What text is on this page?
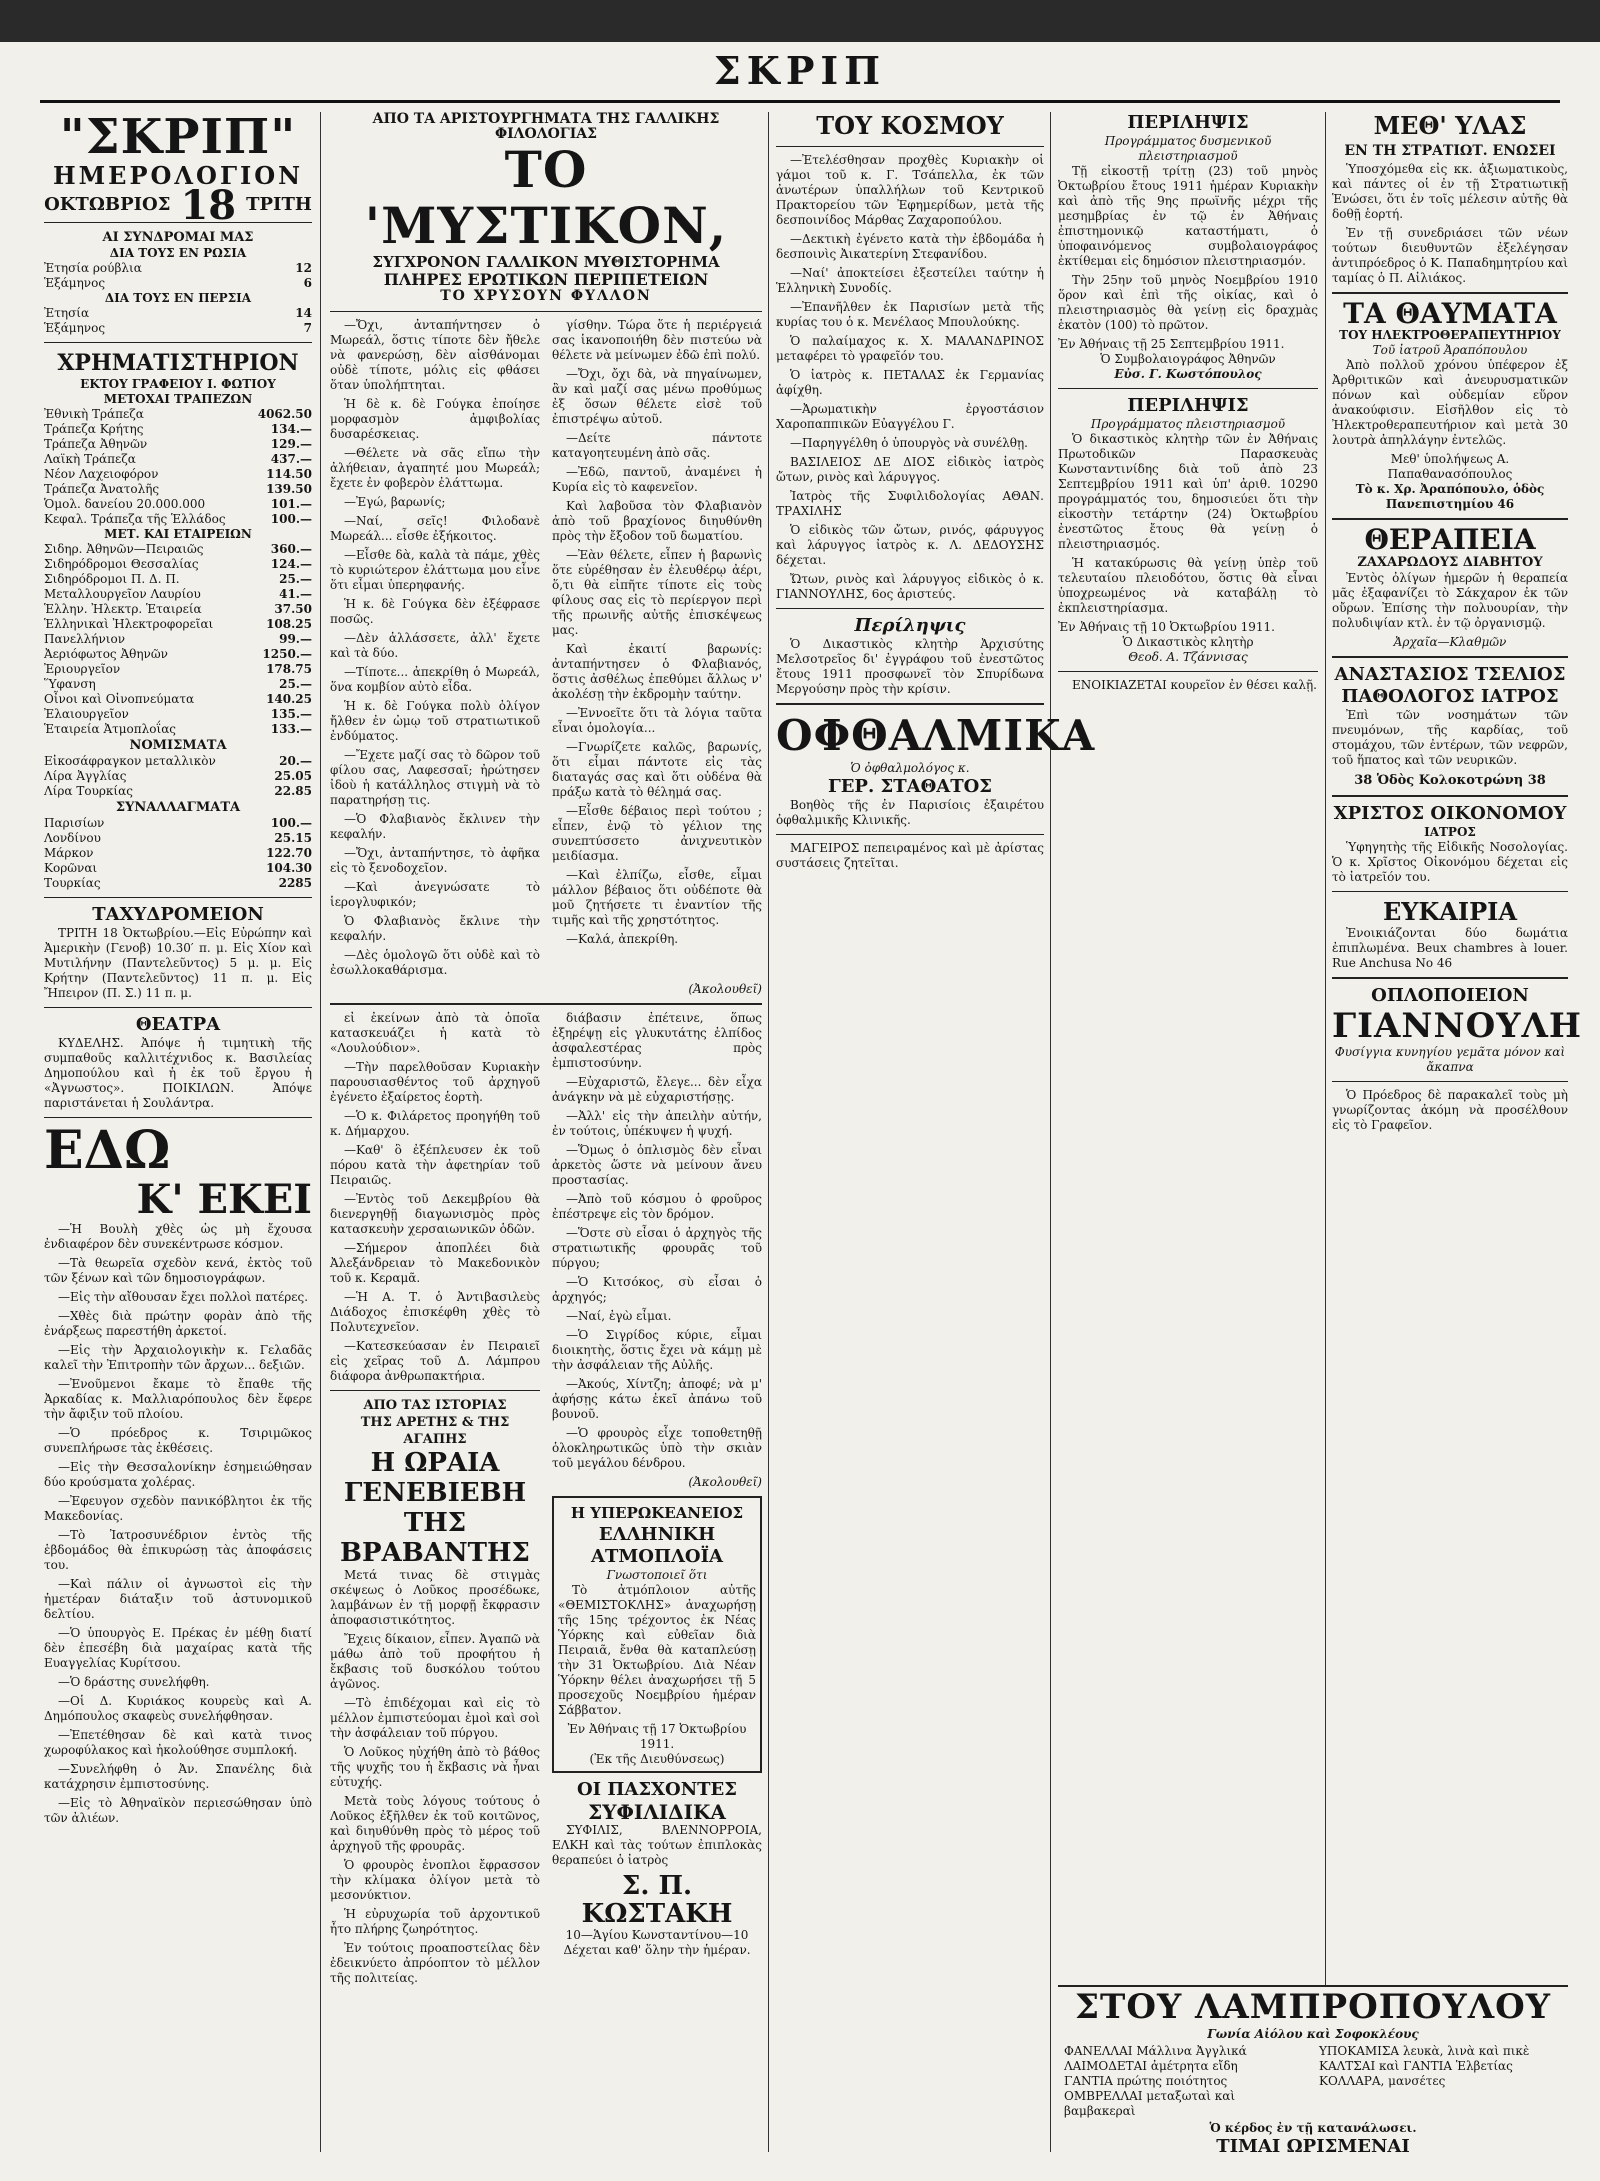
ΣΚΡΙΠ
"ΣΚΡΙΠ"
ΗΜΕΡΟΛΟΓΙΟΝ
ΟΚΤΩΒΡΙΟΣ 18 ΤΡΙΤΗ
ΑΙ ΣΥΝΔΡΟΜΑΙ ΜΑΣ
ΔΙΑ ΤΟΥΣ ΕΝ ΡΩΣΙΑ
Ἐτησία ρούβλια	12
Ἑξάμηνος	6
ΔΙΑ ΤΟΥΣ ΕΝ ΠΕΡΣΙΑ
Ἐτησία	14
Ἑξάμηνος	7
ΧΡΗΜΑΤΙΣΤΗΡΙΟΝ
ΕΚΤΟΥ ΓΡΑΦΕΙΟΥ Ι. ΦΩΤΙΟΥ
ΜΕΤΟΧΑΙ ΤΡΑΠΕΖΩΝ
Ἐθνικὴ Τράπεζα	4062.50
Τράπεζα Κρήτης	134.—
Τράπεζα Ἀθηνῶν	129.—
Λαϊκὴ Τράπεζα	437.—
Νέον Λαχειοφόρον	114.50
Τράπεζα Ἀνατολῆς	139.50
Ὁμολ. δανείου 20.000.000	101.—
Κεφαλ. Τράπεζα τῆς Ἑλλάδος	100.—
ΜΕΤ. ΚΑΙ ΕΤΑΙΡΕΙΩΝ
Σιδηρ. Ἀθηνῶν—Πειραιῶς	360.—
Σιδηρόδρομοι Θεσσαλίας	124.—
Σιδηρόδρομοι Π. Δ. Π.	25.—
Μεταλλουργεῖον Λαυρίου	41.—
Ἑλλην. Ἠλεκτρ. Ἑταιρεία	37.50
Ἑλληνικαὶ Ἠλεκτροφορεῖαι	108.25
Πανελλήνιον	99.—
Ἀεριόφωτος Ἀθηνῶν	1250.—
Ἐριουργεῖον	178.75
Ὕφανση	25.—
Οἶνοι καὶ Οἰνοπνεύματα	140.25
Ἐλαιουργεῖον	135.—
Ἑταιρεία Ἀτμοπλοΐας	133.—
ΝΟΜΙΣΜΑΤΑ
Εἰκοσάφραγκον μεταλλικὸν	20.—
Λίρα Ἀγγλίας	25.05
Λίρα Τουρκίας	22.85
ΣΥΝΑΛΛΑΓΜΑΤΑ
Παρισίων	100.—
Λονδίνου	25.15
Μάρκον	122.70
Κορῶναι	104.30
Τουρκίας	2285
ΤΑΧΥΔΡΟΜΕΙΟΝ

ΤΡΙΤΗ 18 Ὀκτωβρίου.—Εἰς Εὐρώπην καὶ Ἀμερικὴν (Γενοβ) 10.30′ π. μ. Εἰς Χίον καὶ Μυτιλήνην (Παντελεῦντος) 5 μ. μ. Εἰς Κρήτην (Παντελεῦντος) 11 π. μ. Εἰς Ἤπειρον (Π. Σ.) 11 π. μ.

ΘΕΑΤΡΑ

ΚΥΔΕΛΗΣ. Ἀπόψε ἡ τιμητικὴ τῆς συμπαθοῦς καλλιτέχνιδος κ. Βασιλείας Δημοπούλου καὶ ἡ ἐκ τοῦ ἔργου ἡ «Ἀγνωστος». ΠΟΙΚΙΛΩΝ. Ἀπόψε παριστάνεται ἡ Σουλάντρα.

ΕΔΩ
Κ' ΕΚΕΙ

—Ἡ Βουλὴ χθὲς ὡς μὴ ἔχουσα ἐνδιαφέρον δὲν συνεκέντρωσε κόσμον.

—Τὰ θεωρεῖα σχεδὸν κενά, ἐκτὸς τοῦ τῶν ξένων καὶ τῶν δημοσιογράφων.

—Εἰς τὴν αἴθουσαν ἔχει πολλοὶ πατέρες.

—Χθὲς διὰ πρώτην φορὰν ἀπὸ τῆς ἐνάρξεως παρεστήθη ἀρκετοί.

—Εἰς τὴν Ἀρχαιολογικὴν κ. Γελαδᾶς καλεῖ τὴν Ἐπιτροπὴν τῶν ἄρχων... δεξιῶν.

—Ἐνοῦμενοι ἔκαμε τὸ ἔπαθε τῆς Ἀρκαδίας κ. Μαλλιαρόπουλος δὲν ἔφερε τὴν ἄφιξιν τοῦ πλοίου.

—Ὁ πρόεδρος κ. Τσιριμῶκος συνεπλήρωσε τὰς ἐκθέσεις.

—Εἰς τὴν Θεσσαλονίκην ἐσημειώθησαν δύο κρούσματα χολέρας.

—Ἐφευγον σχεδὸν πανικόβλητοι ἐκ τῆς Μακεδονίας.

—Τὸ Ἰατροσυνέδριον ἐντὸς τῆς ἑβδομάδος θὰ ἐπικυρώσῃ τὰς ἀποφάσεις του.

—Καὶ πάλιν οἱ ἀγνωστοὶ εἰς τὴν ἡμετέραν διάταξιν τοῦ ἀστυνομικοῦ δελτίου.

—Ὁ ὑπουργὸς Ε. Πρέκας ἐν μέθῃ διατί δὲν ἐπεσέβη διὰ μαχαίρας κατὰ τῆς Ευαγγελίας Κυρίτσου.

—Ὁ δράστης συνελήφθη.

—Οἱ Δ. Κυριάκος κουρεὺς καὶ Α. Δημόπουλος σκαφεὺς συνελήφθησαν.

—Ἐπετέθησαν δὲ καὶ κατὰ τινος χωροφύλακος καὶ ἠκολούθησε συμπλοκή.

—Συνελήφθη ὁ Ἀν. Σπανέλης διὰ κατάχρησιν ἐμπιστοσύνης.

—Εἰς τὸ Ἀθηναϊκὸν περιεσώθησαν ὑπὸ τῶν ἀλιέων.

ΑΠΟ ΤΑ ΑΡΙΣΤΟΥΡΓΗΜΑΤΑ ΤΗΣ ΓΑΛΛΙΚΗΣ ΦΙΛΟΛΟΓΙΑΣ
ΤΟ 'ΜΥΣΤΙΚΟΝ,
ΣΥΓΧΡΟΝΟΝ ΓΑΛΛΙΚΟΝ ΜΥΘΙΣΤΟΡΗΜΑ
ΠΛΗΡΕΣ ΕΡΩΤΙΚΩΝ ΠΕΡΙΠΕΤΕΙΩΝ
ΤΟ ΧΡΥΣΟΥΝ ΦΥΛΛΟΝ

—Ὄχι, ἀνταπήντησεν ὁ Μωρεάλ, ὅστις τίποτε δὲν ἤθελε νὰ φανερώσῃ, δὲν αἰσθάνομαι οὐδὲ τίποτε, μόλις εἰς φθάσει ὅταν ὑπολήπτηται.

Ἡ δὲ κ. δὲ Γούγκα ἐποίησε μορφασμὸν ἀμφιβολίας δυσαρέσκειας.

—Θέλετε νὰ σᾶς εἴπω τὴν ἀλήθειαν, ἀγαπητέ μου Μωρεάλ; ἔχετε ἐν φοβερὸν ἐλάττωμα.

—Ἐγώ, βαρωνίς;

—Ναί, σεῖς! Φιλοδανὲ Μωρεάλ... εἶσθε ἐξήκοιτος.

—Εἶσθε δὰ, καλὰ τὰ πάμε, χθὲς τὸ κυριώτερον ἐλάττωμα μου εἶνε ὅτι εἶμαι ὑπερηφανής.

Ἡ κ. δὲ Γούγκα δὲν ἐξέφρασε ποσῶς.

—Δὲν ἀλλάσσετε, ἀλλ' ἔχετε καὶ τὰ δύο.

—Τίποτε... ἀπεκρίθη ὁ Μωρεάλ, ὅνα κομβίον αὐτὸ εἶδα.

Ἡ κ. δὲ Γούγκα πολὺ ὀλίγον ἤλθεν ἐν ὠμῳ τοῦ στρατιωτικοῦ ἐνδύματος.

—Ἔχετε μαζί σας τὸ δῶρον τοῦ φίλου σας, Λαφεσσαῖ; ἠρώτησεν ἰδοὺ ἡ κατάλληλος στιγμὴ νὰ τὸ παρατηρήσῃ τις.

—Ὁ Φλαβιανὸς ἔκλινεν τὴν κεφαλήν.

—Ὄχι, ἀνταπήντησε, τὸ ἀφῆκα εἰς τὸ ξενοδοχεῖον.

—Καὶ ἀνεγνώσατε τὸ ἱερογλυφικόν;

Ὁ Φλαβιανὸς ἔκλινε τὴν κεφαλήν.

—Δὲς ὁμολογῶ ὅτι οὐδὲ καὶ τὸ ἐσωλλοκαθάρισμα.

γίσθην. Τώρα ὅτε ἡ περιέργειά σας ἱκανοποιήθη δὲν πιστεύω νὰ θέλετε νὰ μείνωμεν ἐδῶ ἐπὶ πολύ.

—Ὄχι, ὄχι δὰ, νὰ πηγαίνωμεν, ἂν καὶ μαζί σας μένω προθύμως ἐξ ὅσων θέλετε εἰσὲ τοῦ ἐπιστρέψω αὐτοῦ.

—Δείτε πάντοτε καταγοητευμένη ἀπὸ σᾶς.

—Ἐδῶ, παντοῦ, ἀναμένει ἡ Κυρία εἰς τὸ καφενεῖον.

Καὶ λαβοῦσα τὸν Φλαβιανὸν ἀπὸ τοῦ βραχίονος διηυθύνθη πρὸς τὴν ἔξοδον τοῦ δωματίου.

—Ἐὰν θέλετε, εἶπεν ἡ βαρωνὶς ὅτε εὑρέθησαν ἐν ἐλευθέρῳ ἀέρι, ὅ,τι θὰ εἰπῆτε τίποτε εἰς τοὺς φίλους σας εἰς τὸ περίεργον περὶ τῆς πρωινῆς αὐτῆς ἐπισκέψεως μας.

Καὶ ἐκαιτί βαρωνίς: ἀνταπήντησεν ὁ Φλαβιανός, ὅστις ἀσθέλως ἐπεθύμει ἄλλως ν' ἀκολέσῃ τὴν ἐκδρομὴν ταύτην.

—Ἐννοεῖτε ὅτι τὰ λόγια ταῦτα εἶναι ὁμολογία...

—Γνωρίζετε καλῶς, βαρωνίς, ὅτι εἶμαι πάντοτε εἰς τὰς διαταγάς σας καὶ ὅτι οὐδένα θὰ πράξω κατὰ τὸ θέλημά σας.

—Εἶσθε δέβαιος περὶ τούτου ; εἶπεν, ἐνῷ τὸ γέλιον της συνεπτύσσετο ἀνιχνευτικὸν μειδίασμα.

—Καὶ ἐλπίζω, εἶσθε, εἶμαι μάλλον βέβαιος ὅτι οὐδέποτε θὰ μοῦ ζητήσετε τι ἐναντίον τῆς τιμῆς καὶ τῆς χρηστότητος.

—Καλά, ἀπεκρίθη.

(Ἀκολουθεῖ)

εἰ ἐκείνων ἀπὸ τὰ ὁποῖα κατασκευάζει ἡ κατὰ τὸ «Λουλούδιον».

—Τὴν παρελθοῦσαν Κυριακὴν παρουσιασθέντος τοῦ ἀρχηγοῦ ἐγένετο ἐξαίρετος ἑορτὴ.

—Ὁ κ. Φιλάρετος προηγήθη τοῦ κ. Δήμαρχου.

—Καθ' ὃ ἐξέπλευσεν ἐκ τοῦ πόρου κατὰ τὴν ἀφετηρίαν τοῦ Πειραιῶς.

—Ἐντὸς τοῦ Δεκεμβρίου θὰ διενεργηθῇ διαγωνισμὸς πρὸς κατασκευὴν χερσαιωνικῶν ὁδῶν.

—Σήμερον ἀποπλέει διὰ Ἀλεξάνδρειαν τὸ Μακεδονικὸν τοῦ κ. Κεραμᾶ.

—Ἡ Α. Τ. ὁ Ἀντιβασιλεὺς Διάδοχος ἐπισκέφθη χθὲς τὸ Πολυτεχνεῖον.

—Κατεσκεύασαν ἐν Πειραιεῖ εἰς χεῖρας τοῦ Δ. Λάμπρου διάφορα ἀνθρωπακτήρια.

ΑΠΟ ΤΑΣ ΙΣΤΟΡΙΑΣ
ΤΗΣ ΑΡΕΤΗΣ & ΤΗΣ ΑΓΑΠΗΣ
Η ΩΡΑΙΑ ΓΕΝΕΒΙΕΒΗ ΤΗΣ ΒΡΑΒΑΝΤΗΣ

Μετά τινας δὲ στιγμὰς σκέψεως ὁ Λοῦκος προσέδωκε, λαμβάνων ἐν τῇ μορφῇ ἔκφρασιν ἀποφασιστικότητος.

Ἔχεις δίκαιον, εἶπεν. Ἀγαπῶ νὰ μάθω ἀπὸ τοῦ προφήτου ἡ ἔκβασις τοῦ δυσκόλου τούτου ἀγῶνος.

—Τὸ ἐπιδέχομαι καὶ εἰς τὸ μέλλον ἐμπιστεύομαι ἐμοὶ καὶ σοὶ τὴν ἀσφάλειαν τοῦ πύργου.

Ὁ Λοῦκος ηὐχήθη ἀπὸ τὸ βάθος τῆς ψυχῆς του ἡ ἔκβασις νὰ ἦναι εὐτυχής.

Μετὰ τοὺς λόγους τούτους ὁ Λοῦκος ἐξῆλθεν ἐκ τοῦ κοιτῶνος, καὶ διηυθύνθη πρὸς τὸ μέρος τοῦ ἀρχηγοῦ τῆς φρουρᾶς.

Ὁ φρουρὸς ἐνοπλοι ἔφρασσον τὴν κλίμακα ὀλίγον μετὰ τὸ μεσονύκτιον.

Ἡ εὐρυχωρία τοῦ ἀρχοντικοῦ ἦτο πλήρης ζωηρότητος.

Ἐν τούτοις προαποστείλας δὲν ἐδεικνύετο ἀπρόοπτον τὸ μέλλον τῆς πολιτείας.

διάβασιν ἐπέτεινε, ὅπως ἐξηρέψῃ εἰς γλυκυτάτης ἐλπίδος ἀσφαλεστέρας πρὸς ἐμπιστοσύνην.

—Εὐχαριστῶ, ἔλεγε... δὲν εἶχα ἀνάγκην νὰ μὲ εὐχαριστήσῃς.

—Ἀλλ' εἰς τὴν ἀπειλὴν αὐτήν, ἐν τούτοις, ὑπέκυψεν ἡ ψυχή.

—Ὅμως ὁ ὁπλισμὸς δὲν εἶναι ἀρκετὸς ὥστε νὰ μείνουν ἄνευ προστασίας.

—Ἀπὸ τοῦ κόσμου ὁ φροῦρος ἐπέστρεψε εἰς τὸν δρόμον.

—Ὅστε σὺ εἶσαι ὁ ἀρχηγὸς τῆς στρατιωτικῆς φρουρᾶς τοῦ πύργου;

—Ὁ Κιτσόκος, σὺ εἶσαι ὁ ἀρχηγός;

—Ναί, ἐγὼ εἶμαι.

—Ὁ Σιγρίδος κύριε, εἶμαι διοικητὴς, ὅστις ἔχει νὰ κάμῃ μὲ τὴν ἀσφάλειαν τῆς Αὐλῆς.

—Ἀκούς, Χίντζη; ἀποφέ; νὰ μ' ἀφήσῃς κάτω ἐκεῖ ἀπάνω τοῦ βουνοῦ.

—Ὁ φρουρὸς εἶχε τοποθετηθῇ ὁλοκληρωτικῶς ὑπὸ τὴν σκιὰν τοῦ μεγάλου δένδρου.

(Ἀκολουθεῖ)
Η ΥΠΕΡΩΚΕΑΝΕΙΟΣ
ΕΛΛΗΝΙΚΗ ΑΤΜΟΠΛΟΪΑ
Γνωστοποιεῖ ὅτι

Τὸ ἀτμόπλοιον αὐτῆς «ΘΕΜΙΣΤΟΚΛΗΣ» ἀναχωρήσῃ τῆς 15ης τρέχοντος ἐκ Νέας Ὑόρκης καὶ εὐθεῖαν διὰ Πειραιᾶ, ἔνθα θὰ καταπλεύσῃ τὴν 31 Ὀκτωβρίου. Διὰ Νέαν Ὑόρκην θέλει ἀναχωρήσει τῇ 5 προσεχοῦς Νοεμβρίου ἡμέραν Σάββατον.

Ἐν Ἀθήναις τῇ 17 Ὀκτωβρίου 1911.
(Ἐκ τῆς Διευθύνσεως)
ΟΙ ΠΑΣΧΟΝΤΕΣ
ΣΥΦΙΛΙΔΙΚΑ

ΣΥΦΙΛΙΣ, ΒΛΕΝΝΟΡΡΟΙΑ, ΕΛΚΗ καὶ τὰς τούτων ἐπιπλοκὰς θεραπεύει ὁ ἰατρὸς

Σ. Π. ΚΩΣΤΑΚΗ
10—Ἁγίου Κωνσταντίνου—10
Δέχεται καθ' ὅλην τὴν ἡμέραν.
ΤΟΥ ΚΟΣΜΟΥ

—Ἐτελέσθησαν προχθὲς Κυριακὴν οἱ γάμοι τοῦ κ. Γ. Τσάπελλα, ἐκ τῶν ἀνωτέρων ὑπαλλήλων τοῦ Κεντρικοῦ Πρακτορείου τῶν Ἐφημερίδων, μετὰ τῆς δεσποινίδος Μάρθας Ζαχαροπούλου.

—Δεκτικὴ ἐγένετο κατὰ τὴν ἐβδομάδα ἡ δεσποινὶς Ἀικατερίνη Στεφανίδου.

—Ναί' ἀποκτείσει ἐξεστείλει ταύτην ἡ Ἑλληνικὴ Συνοδίς.

—Ἐπανῆλθεν ἐκ Παρισίων μετὰ τῆς κυρίας του ὁ κ. Μενέλαος Μπουλούκης.

Ὁ παλαίμαχος κ. Χ. ΜΑΛΑΝΔΡΙΝΟΣ μεταφέρει τὸ γραφεῖόν του.

Ὁ ἰατρὸς κ. ΠΕΤΑΛΑΣ ἐκ Γερμανίας ἀφίχθη.

—Ἀρωματικὴν ἐργοστάσιον Χαροπαππικῶν Εὐαγγέλου Γ.

—Παρηγγέλθη ὁ ὑπουργὸς νὰ συνέλθῃ.

ΒΑΣΙΛΕΙΟΣ ΔΕ ΔΙΟΣ εἰδικὸς ἰατρὸς ὤτων, ρινὸς καὶ λάρυγγος.

Ἰατρὸς τῆς Συφιλιδολογίας ΑΘΑΝ. ΤΡΑΧΙΛΗΣ

Ὁ εἰδικὸς τῶν ὤτων, ρινός, φάρυγγος καὶ λάρυγγος ἰατρὸς κ. Λ. ΔΕΔΟΥΣΗΣ δέχεται.

Ὤτων, ρινὸς καὶ λάρυγγος εἰδικὸς ὁ κ. ΓΙΑΝΝΟΥΛΗΣ, 6ος ἀριστεύς.

Περίληψις

Ὁ Δικαστικὸς κλητὴρ Ἀρχισύτης Μελσοτρεῖος δι' ἐγγράφου τοῦ ἐνεστῶτος ἔτους 1911 προσφωνεῖ τὸν Σπυρίδωνα Μεργούσην πρὸς τὴν κρίσιν.

ΟΦΘΑΛΜΙΚΑ
Ὁ ὀφθαλμολόγος κ.
ΓΕΡ. ΣΤΑΘΑΤΟΣ

Βοηθὸς τῆς ἐν Παρισίοις ἐξαιρέτου ὀφθαλμικῆς Κλινικῆς.

ΜΑΓΕΙΡΟΣ πεπειραμένος καὶ μὲ ἀρίστας συστάσεις ζητεῖται.

ΠΕΡΙΛΗΨΙΣ
Προγράμματος δυσμενικοῦ πλειστηριασμοῦ

Τῇ εἰκοστῇ τρίτῃ (23) τοῦ μηνὸς Ὀκτωβρίου ἔτους 1911 ἡμέραν Κυριακὴν καὶ ἀπὸ τῆς 9ης πρωϊνῆς μέχρι τῆς μεσημβρίας ἐν τῷ ἐν Ἀθήναις ἐπιστημονικῷ καταστήματι, ὁ ὑποφαινόμενος συμβολαιογράφος ἐκτίθεμαι εἰς δημόσιον πλειστηριασμόν.

Τὴν 25ην τοῦ μηνὸς Νοεμβρίου 1910 ὅρον καὶ ἐπὶ τῆς οἰκίας, καὶ ὁ πλειστηριασμὸς θὰ γείνῃ εἰς δραχμὰς ἑκατὸν (100) τὸ πρῶτον.

Ἐν Ἀθήναις τῇ 25 Σεπτεμβρίου 1911.
Ὁ Συμβολαιογράφος Ἀθηνῶν
Εὐσ. Γ. Κωστόπουλος
ΠΕΡΙΛΗΨΙΣ
Προγράμματος πλειστηριασμοῦ

Ὁ δικαστικὸς κλητὴρ τῶν ἐν Ἀθήναις Πρωτοδικῶν Παρασκευὰς Κωνσταντινίδης διὰ τοῦ ἀπὸ 23 Σεπτεμβρίου 1911 καὶ ὑπ' ἀριθ. 10290 προγράμματός του, δημοσιεύει ὅτι τὴν εἰκοστὴν τετάρτην (24) Ὀκτωβρίου ἐνεστῶτος ἔτους θὰ γείνῃ ὁ πλειστηριασμός.

Ἡ κατακύρωσις θὰ γείνῃ ὑπὲρ τοῦ τελευταίου πλειοδότου, ὅστις θὰ εἶναι ὑποχρεωμένος νὰ καταβάλῃ τὸ ἐκπλειστηρίασμα.

Ἐν Ἀθήναις τῇ 10 Ὀκτωβρίου 1911.
Ὁ Δικαστικὸς κλητὴρ
Θεοδ. Α. Τζάννισας

ΕΝΟΙΚΙΑΖΕΤΑΙ κουρεῖον ἐν θέσει καλῇ.

ΜΕΘ' ΥΛΑΣ
ΕΝ ΤΗ ΣΤΡΑΤΙΩΤ. ΕΝΩΣΕΙ

Ὑποσχόμεθα εἰς κκ. ἀξιωματικοὺς, καὶ πάντες οἱ ἐν τῇ Στρατιωτικῇ Ἑνώσει, ὅτι ἐν τοῖς μέλεσιν αὐτῆς θὰ δοθῇ ἑορτή.

Ἐν τῇ συνεδριάσει τῶν νέων τούτων διευθυντῶν ἐξελέγησαν ἀντιπρόεδρος ὁ Κ. Παπαδημητρίου καὶ ταμίας ὁ Π. Αἰλιάκος.

ΤΑ ΘΑΥΜΑΤΑ
ΤΟΥ ΗΛΕΚΤΡΟΘΕΡΑΠΕΥΤΗΡΙΟΥ
Τοῦ ἰατροῦ Ἀραπόπουλου

Ἀπὸ πολλοῦ χρόνου ὑπέφερον ἐξ Ἀρθριτικῶν καὶ ἀνευρυσματικῶν πόνων καὶ οὐδεμίαν εὕρον ἀνακούφισιν. Εἰσῆλθον εἰς τὸ Ἠλεκτροθεραπευτήριον καὶ μετὰ 30 λουτρὰ ἀπηλλάγην ἐντελῶς.

Μεθ' ὑπολήψεως Α. Παπαθανασόπουλος
Τὸ κ. Χρ. Ἀραπόπουλο, ὁδὸς Πανεπιστημίου 46
ΘΕΡΑΠΕΙΑ
ΖΑΧΑΡΩΔΟΥΣ ΔΙΑΒΗΤΟΥ

Ἐντὸς ὀλίγων ἡμερῶν ἡ θεραπεία μᾶς ἐξαφανίζει τὸ Σάκχαρον ἐκ τῶν οὔρων. Ἐπίσης τὴν πολυουρίαν, τὴν πολυδιψίαν κτλ. ἐν τῷ ὀργανισμῷ.

Ἀρχαῖα—Κλαθμῶν
ΑΝΑΣΤΑΣΙΟΣ ΤΣΕΛΙΟΣ
ΠΑΘΟΛΟΓΟΣ ΙΑΤΡΟΣ

Ἐπὶ τῶν νοσημάτων τῶν πνευμόνων, τῆς καρδίας, τοῦ στομάχου, τῶν ἐντέρων, τῶν νεφρῶν, τοῦ ἥπατος καὶ τῶν νευρικῶν.

38 Ὁδὸς Κολοκοτρώνη 38
ΧΡΙΣΤΟΣ ΟΙΚΟΝΟΜΟΥ
ΙΑΤΡΟΣ

Ὑφηγητὴς τῆς Εἰδικῆς Νοσολογίας. Ὁ κ. Χρῖστος Οἰκονόμου δέχεται εἰς τὸ ἰατρεῖόν του.

ΕΥΚΑΙΡΙΑ

Ἐνοικιάζονται δύο δωμάτια ἐπιπλωμένα. Beux chambres à louer. Rue Anchusa No 46

ΟΠΛΟΠΟΙΕΙΟΝ
ΓΙΑΝΝΟΥΛΗ
Φυσίγγια κυνηγίου γεμᾶτα μόνον καὶ ἄκαπνα

Ὁ Πρόεδρος δὲ παρακαλεῖ τοὺς μὴ γνωρίζοντας ἀκόμη νὰ προσέλθουν εἰς τὸ Γραφεῖον.

ΣΤΟΥ ΛΑΜΠΡΟΠΟΥΛΟΥ
Γωνία Αἰόλου καὶ Σοφοκλέους
ΦΑΝΕΛΛΑΙ Μάλλινα Ἀγγλικά
ΛΑΙΜΟΔΕΤΑΙ ἀμέτρητα εἴδη
ΓΑΝΤΙΑ πρώτης ποιότητος
ΟΜΒΡΕΛΛΑΙ μεταξωταὶ καὶ βαμβακεραὶ
ΥΠΟΚΑΜΙΣΑ λευκὰ, λινὰ καὶ πικὲ
ΚΑΛΤΣΑΙ καὶ ΓΑΝΤΙΑ Ἑλβετίας
ΚΟΛΛΑΡΑ, μανσέτες
Ὁ κέρδος ἐν τῇ κατανάλωσει.
ΤΙΜΑΙ ΩΡΙΣΜΕΝΑΙ
